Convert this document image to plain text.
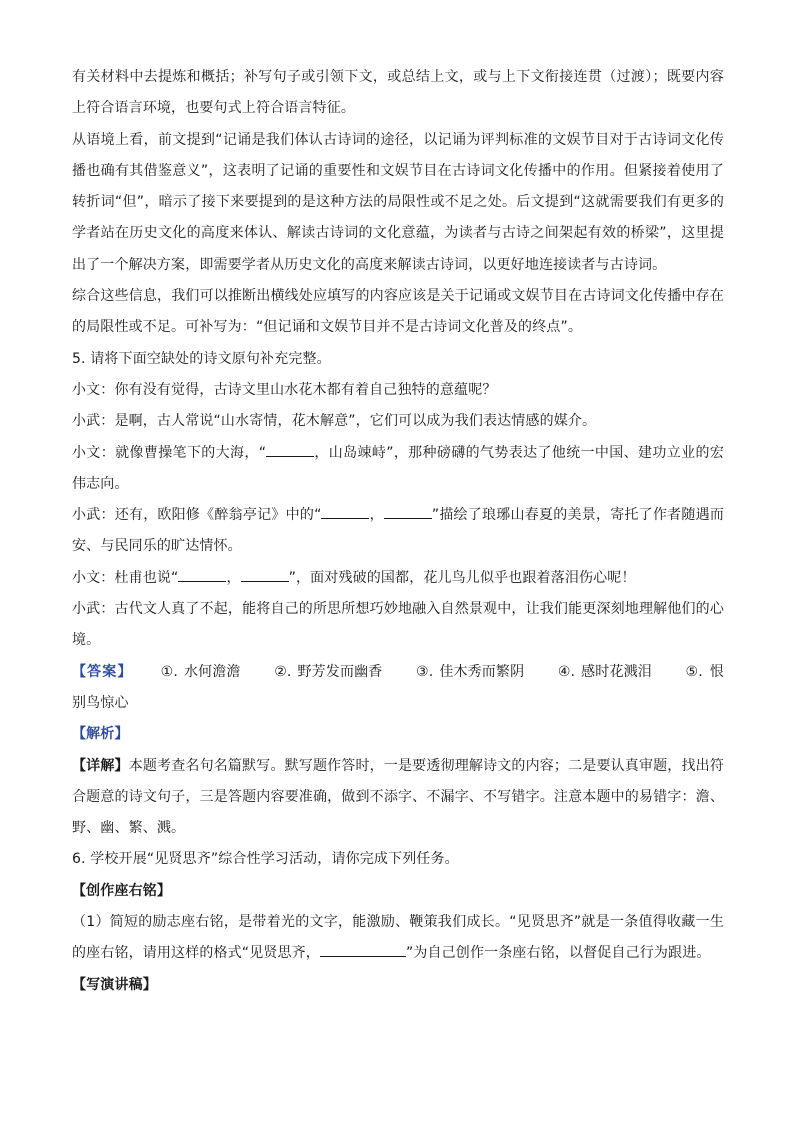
有关材料中去提炼和概括；补写句子或引领下文，或总结上文，或与上下文衔接连贯（过渡）；既要内容上符合语言环境，也要句式上符合语言特征。

从语境上看，前文提到“记诵是我们体认古诗词的途径，以记诵为评判标准的文娱节目对于古诗词文化传播也确有其借鉴意义”，这表明了记诵的重要性和文娱节目在古诗词文化传播中的作用。但紧接着使用了转折词“但”，暗示了接下来要提到的是这种方法的局限性或不足之处。后文提到“这就需要我们有更多的学者站在历史文化的高度来体认、解读古诗词的文化意蕴，为读者与古诗之间架起有效的桥梁”，这里提出了一个解决方案，即需要学者从历史文化的高度来解读古诗词，以更好地连接读者与古诗词。

综合这些信息，我们可以推断出横线处应填写的内容应该是关于记诵或文娱节目在古诗词文化传播中存在的局限性或不足。可补写为：“但记诵和文娱节目并不是古诗词文化普及的终点”。

5. 请将下面空缺处的诗文原句补充完整。

小文：你有没有觉得，古诗文里山水花木都有着自己独特的意蕴呢？

小武：是啊，古人常说“山水寄情，花木解意”，它们可以成为我们表达情感的媒介。

小文：就像曹操笔下的大海，“	，山岛竦峙”，那种磅礴的气势表达了他统一中国、建功立业的宏伟志向。

小武：还有，欧阳修《醉翁亭记》中的“	，	”描绘了琅琊山春夏的美景，寄托了作者随遇而安、与民同乐的旷达情怀。

小文：杜甫也说“	，	”，面对残破的国都，花儿鸟儿似乎也跟着落泪伤心呢！

小武：古代文人真了不起，能将自己的所思所想巧妙地融入自然景观中，让我们能更深刻地理解他们的心境。

【答案】 ①. 水何澹澹 ②. 野芳发而幽香 ③. 佳木秀而繁阴 ④. 感时花溅泪 ⑤. 恨别鸟惊心

【解析】

【详解】本题考查名句名篇默写。默写题作答时，一是要透彻理解诗文的内容；二是要认真审题，找出符合题意的诗文句子，三是答题内容要准确，做到不添字、不漏字、不写错字。注意本题中的易错字：澹、野、幽、繁、溅。

6. 学校开展“见贤思齐”综合性学习活动，请你完成下列任务。

【创作座右铭】

（1）简短的励志座右铭，是带着光的文字，能激励、鞭策我们成长。“见贤思齐”就是一条值得收藏一生的座右铭，请用这样的格式“见贤思齐，	”为自己创作一条座右铭，以督促自己行为跟进。

【写演讲稿】
